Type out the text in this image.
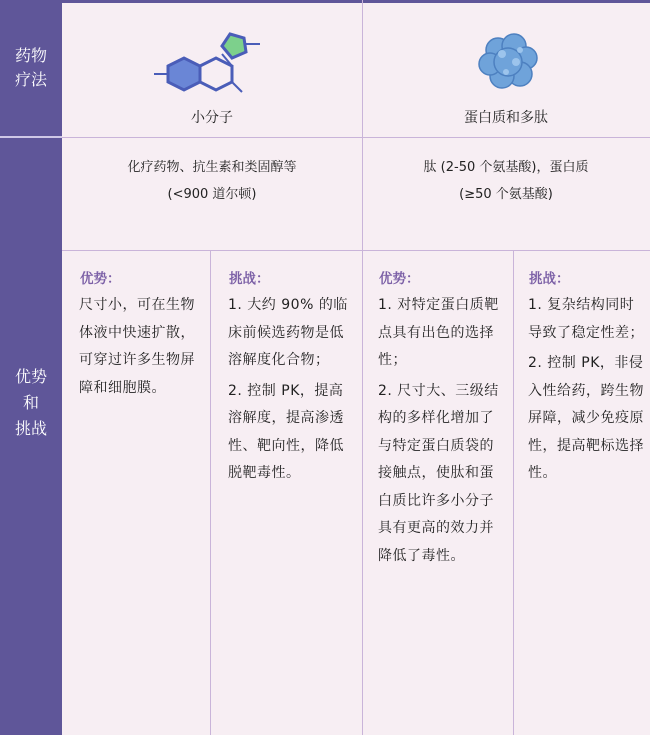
药物
疗法
优势
和
挑战
小分子	蛋白质和多肽
化疗药物、抗生素和类固醇等
(<900 道尔顿)
肽 (2-50 个氨基酸)，蛋白质
(≥50 个氨基酸)
优势：
尺寸小，可在生物体液中快速扩散，可穿过许多生物屏障和细胞膜。
挑战：
1. 大约 90% 的临床前候选药物是低溶解度化合物；
2. 控制 PK，提高溶解度，提高渗透性、靶向性，降低脱靶毒性。
优势：
1. 对特定蛋白质靶点具有出色的选择性；
2. 尺寸大、三级结构的多样化增加了与特定蛋白质袋的接触点，使肽和蛋白质比许多小分子具有更高的效力并降低了毒性。
挑战：
1. 复杂结构同时导致了稳定性差；
2. 控制 PK，非侵入性给药，跨生物屏障，减少免疫原性，提高靶标选择性。
